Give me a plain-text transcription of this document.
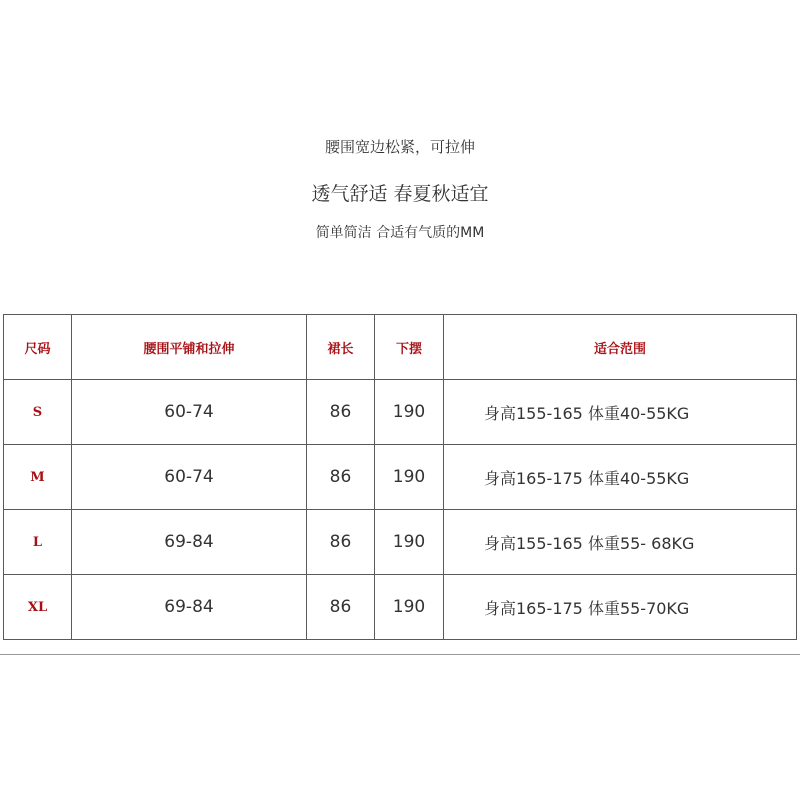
腰围宽边松紧，可拉伸
透气舒适 春夏秋适宜
简单简洁 合适有气质的MM
尺码	腰围平铺和拉伸	裙长	下摆	适合范围
S	60-74	86	190	身高155-165 体重40-55KG
M	60-74	86	190	身高165-175 体重40-55KG
L	69-84	86	190	身高155-165 体重55- 68KG
XL	69-84	86	190	身高165-175 体重55-70KG
